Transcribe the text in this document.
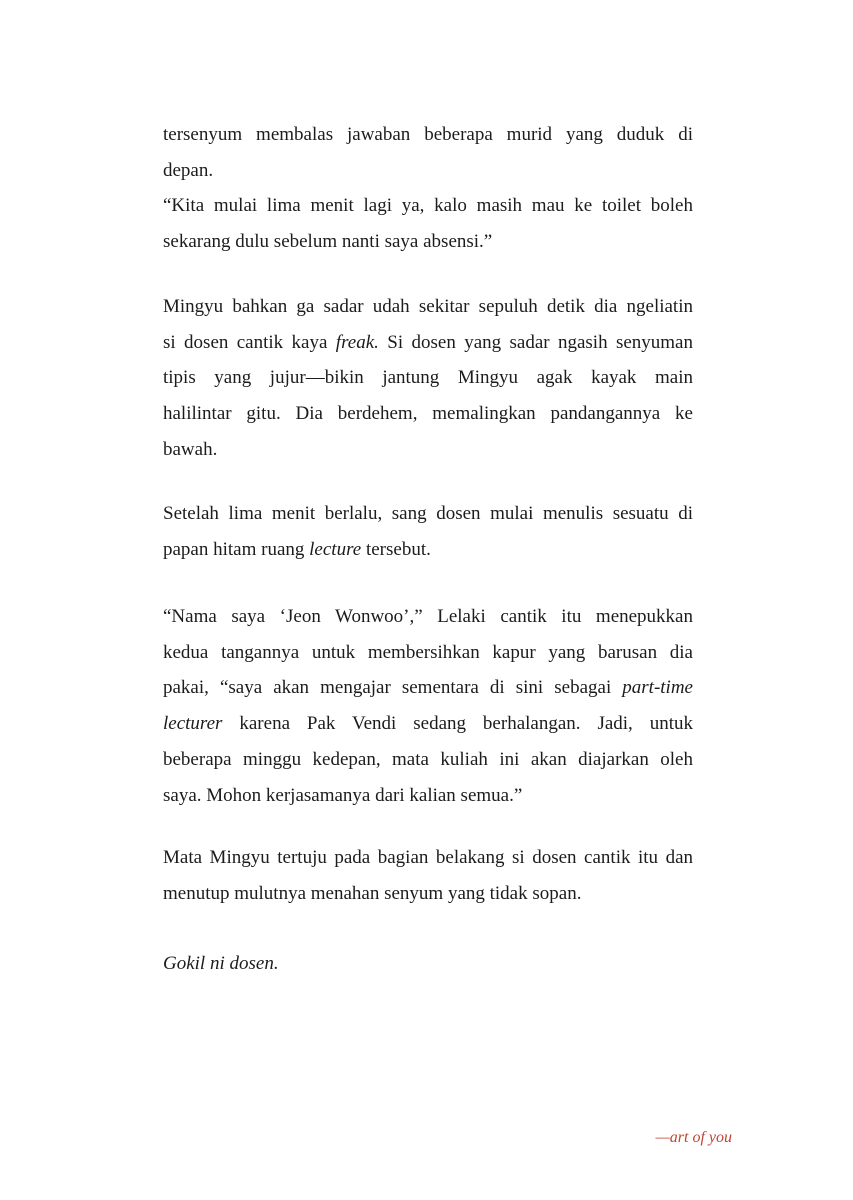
tersenyum membalas jawaban beberapa murid yang duduk di
depan.
“Kita mulai lima menit lagi ya, kalo masih mau ke toilet boleh
sekarang dulu sebelum nanti saya absensi.”

Mingyu bahkan ga sadar udah sekitar sepuluh detik dia ngeliatin
si dosen cantik kaya freak. Si dosen yang sadar ngasih senyuman
tipis yang jujur—bikin jantung Mingyu agak kayak main
halilintar gitu. Dia berdehem, memalingkan pandangannya ke
bawah.

Setelah lima menit berlalu, sang dosen mulai menulis sesuatu di
papan hitam ruang lecture tersebut.

“Nama saya ‘Jeon Wonwoo’,” Lelaki cantik itu menepukkan
kedua tangannya untuk membersihkan kapur yang barusan dia
pakai, “saya akan mengajar sementara di sini sebagai part-time
lecturer karena Pak Vendi sedang berhalangan. Jadi, untuk
beberapa minggu kedepan, mata kuliah ini akan diajarkan oleh
saya. Mohon kerjasamanya dari kalian semua.”

Mata Mingyu tertuju pada bagian belakang si dosen cantik itu dan
menutup mulutnya menahan senyum yang tidak sopan.

Gokil ni dosen.

—art of you
